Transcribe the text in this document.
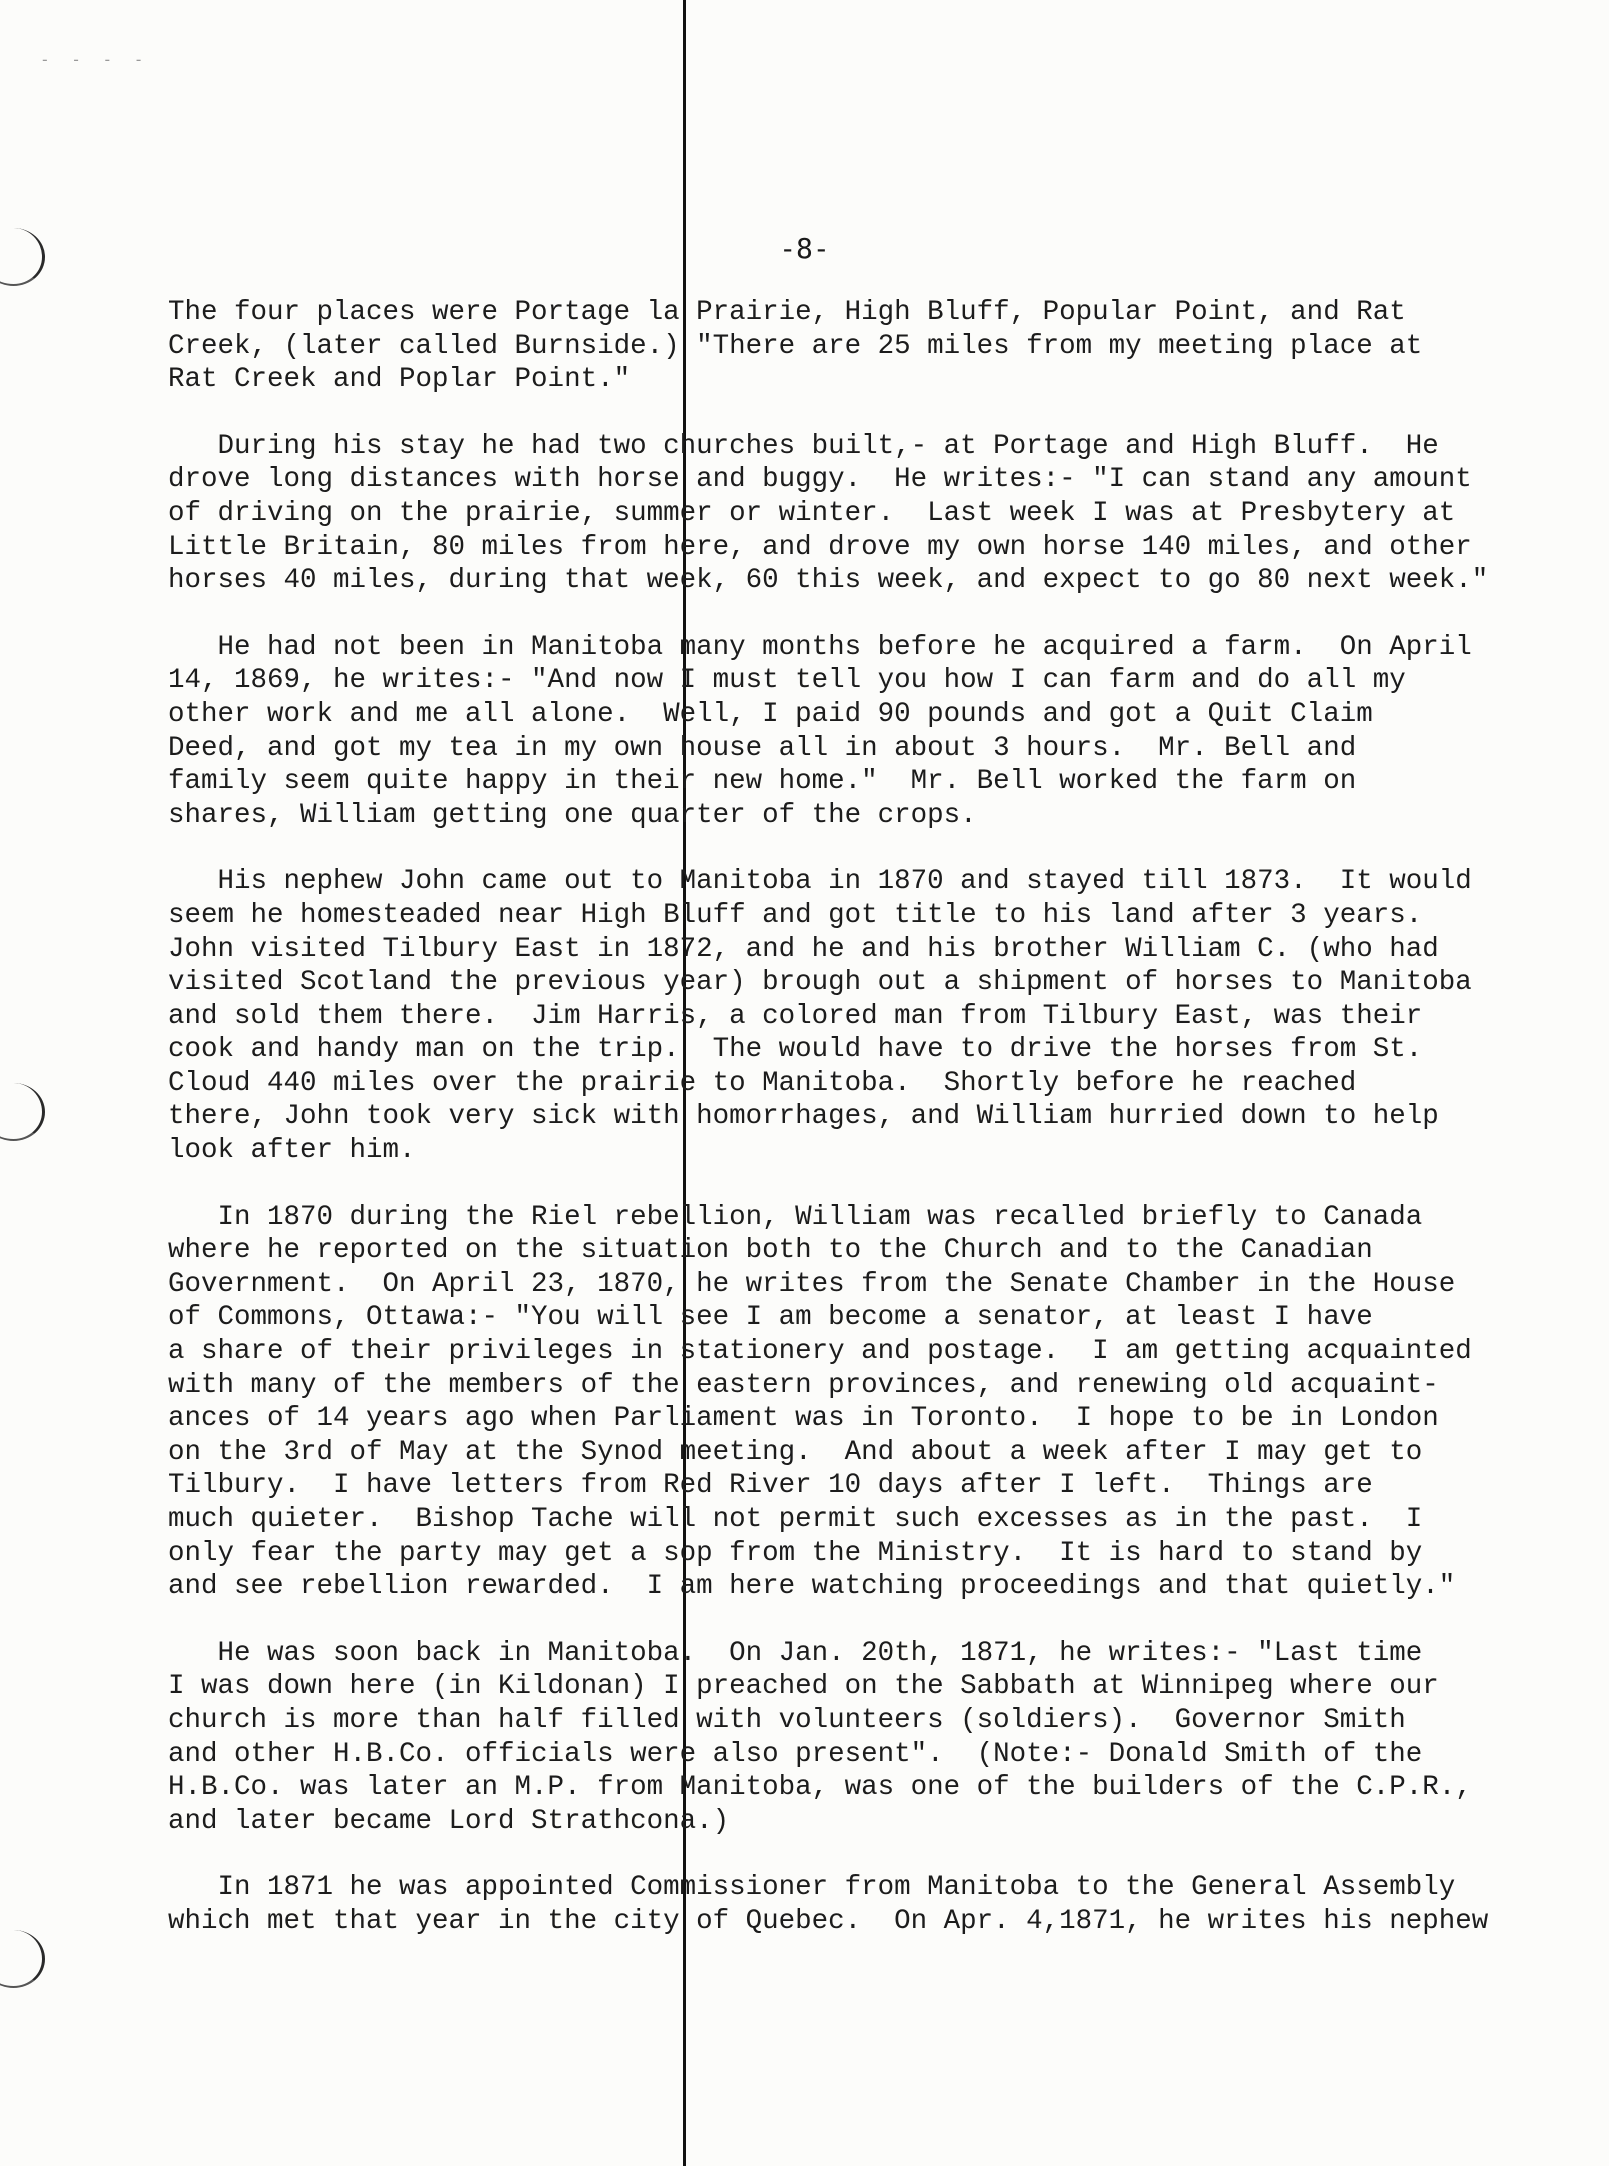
- - - -
-8-
The four places were Portage la Prairie, High Bluff, Popular Point, and Rat
Creek, (later called Burnside.) "There are 25 miles from my meeting place at
Rat Creek and Poplar Point."
During his stay he had two churches built,- at Portage and High Bluff.  He
drove long distances with horse and buggy.  He writes:- "I can stand any amount
of driving on the prairie, summer or winter.  Last week I was at Presbytery at
Little Britain, 80 miles from here, and drove my own horse 140 miles, and other
horses 40 miles, during that week, 60 this week, and expect to go 80 next week."
He had not been in Manitoba many months before he acquired a farm.  On April
14, 1869, he writes:- "And now I must tell you how I can farm and do all my
other work and me all alone.  Well, I paid 90 pounds and got a Quit Claim
Deed, and got my tea in my own house all in about 3 hours.  Mr. Bell and
family seem quite happy in their new home."  Mr. Bell worked the farm on
shares, William getting one quarter of the crops.
His nephew John came out to Manitoba in 1870 and stayed till 1873.  It would
seem he homesteaded near High Bluff and got title to his land after 3 years.
John visited Tilbury East in 1872, and he and his brother William C. (who had
visited Scotland the previous year) brough out a shipment of horses to Manitoba
and sold them there.  Jim Harris, a colored man from Tilbury East, was their
cook and handy man on the trip.  The would have to drive the horses from St.
Cloud 440 miles over the prairie to Manitoba.  Shortly before he reached
there, John took very sick with homorrhages, and William hurried down to help
look after him.
In 1870 during the Riel rebellion, William was recalled briefly to Canada
where he reported on the situation both to the Church and to the Canadian
Government.  On April 23, 1870, he writes from the Senate Chamber in the House
of Commons, Ottawa:- "You will see I am become a senator, at least I have
a share of their privileges in stationery and postage.  I am getting acquainted
with many of the members of the eastern provinces, and renewing old acquaint-
ances of 14 years ago when Parliament was in Toronto.  I hope to be in London
on the 3rd of May at the Synod meeting.  And about a week after I may get to
Tilbury.  I have letters from Red River 10 days after I left.  Things are
much quieter.  Bishop Tache will not permit such excesses as in the past.  I
only fear the party may get a sop from the Ministry.  It is hard to stand by
and see rebellion rewarded.  I am here watching proceedings and that quietly."
He was soon back in Manitoba.  On Jan. 20th, 1871, he writes:- "Last time
I was down here (in Kildonan) I preached on the Sabbath at Winnipeg where our
church is more than half filled with volunteers (soldiers).  Governor Smith
and other H.B.Co. officials were also present".  (Note:- Donald Smith of the
H.B.Co. was later an M.P. from Manitoba, was one of the builders of the C.P.R.,
and later became Lord Strathcona.)
In 1871 he was appointed Commissioner from Manitoba to the General Assembly
which met that year in the city of Quebec.  On Apr. 4,1871, he writes his nephew
